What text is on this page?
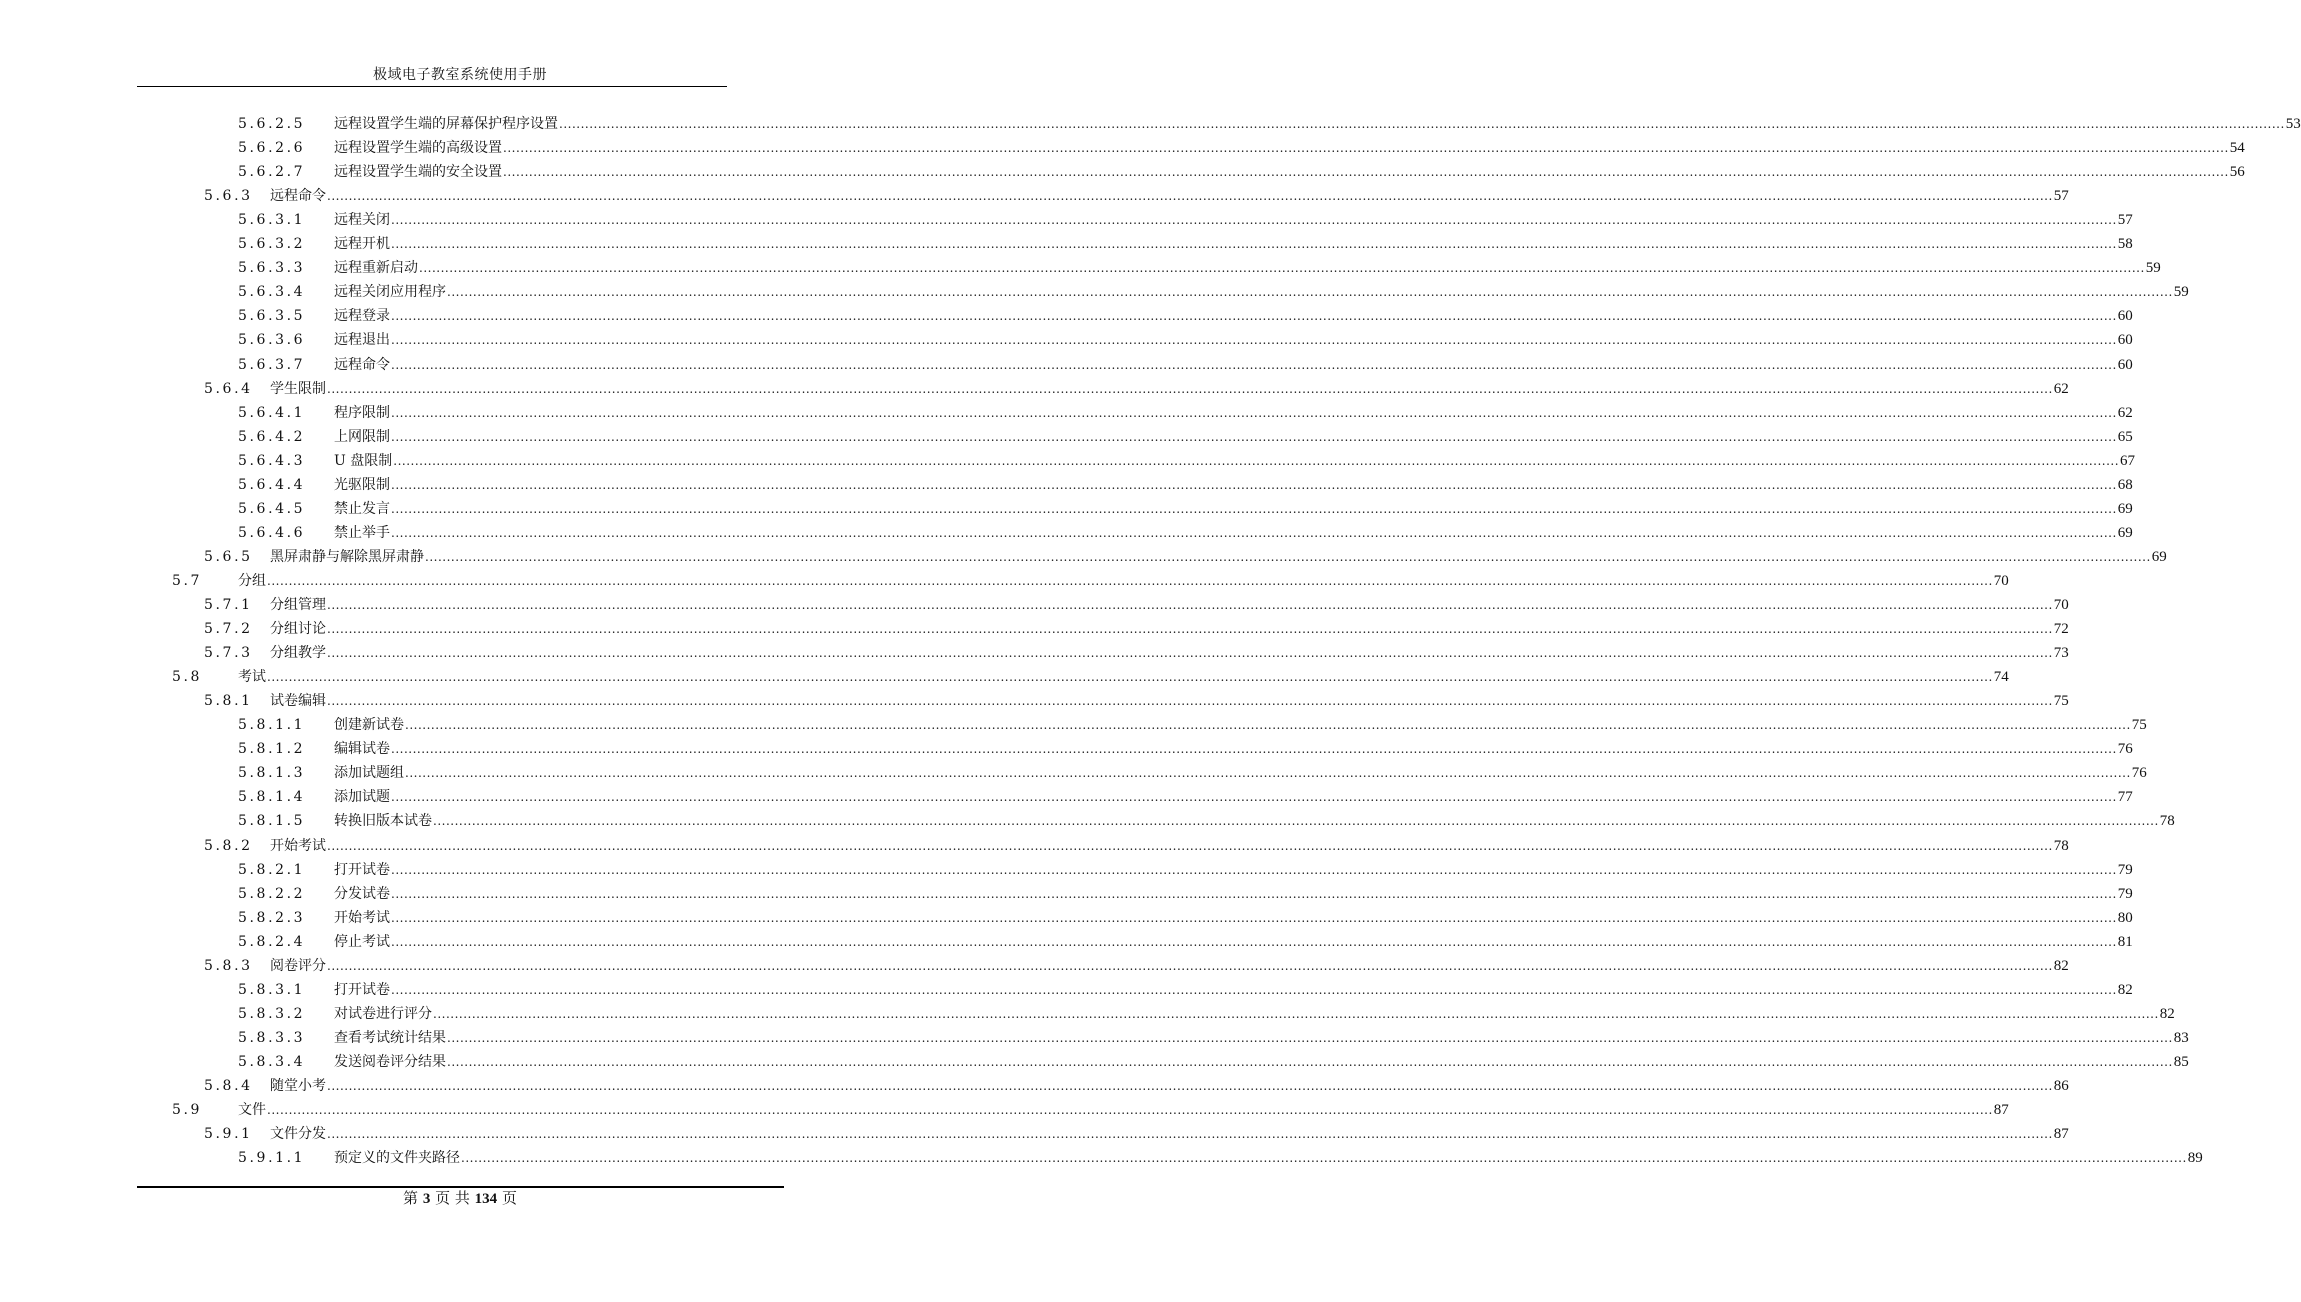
极域电子教室系统使用手册
5.6.2.5 远程设置学生端的屏幕保护程序设置 ................................................................................................................................................................................................................................................................................................................................................................................................................ 53
5.6.2.6 远程设置学生端的高级设置 ................................................................................................................................................................................................................................................................................................................................................................................................................ 54
5.6.2.7 远程设置学生端的安全设置 ................................................................................................................................................................................................................................................................................................................................................................................................................ 56
5.6.3 远程命令 ................................................................................................................................................................................................................................................................................................................................................................................................................ 57
5.6.3.1 远程关闭 ................................................................................................................................................................................................................................................................................................................................................................................................................ 57
5.6.3.2 远程开机 ................................................................................................................................................................................................................................................................................................................................................................................................................ 58
5.6.3.3 远程重新启动 ................................................................................................................................................................................................................................................................................................................................................................................................................ 59
5.6.3.4 远程关闭应用程序 ................................................................................................................................................................................................................................................................................................................................................................................................................ 59
5.6.3.5 远程登录 ................................................................................................................................................................................................................................................................................................................................................................................................................ 60
5.6.3.6 远程退出 ................................................................................................................................................................................................................................................................................................................................................................................................................ 60
5.6.3.7 远程命令 ................................................................................................................................................................................................................................................................................................................................................................................................................ 60
5.6.4 学生限制 ................................................................................................................................................................................................................................................................................................................................................................................................................ 62
5.6.4.1 程序限制 ................................................................................................................................................................................................................................................................................................................................................................................................................ 62
5.6.4.2 上网限制 ................................................................................................................................................................................................................................................................................................................................................................................................................ 65
5.6.4.3 U 盘限制 ................................................................................................................................................................................................................................................................................................................................................................................................................ 67
5.6.4.4 光驱限制 ................................................................................................................................................................................................................................................................................................................................................................................................................ 68
5.6.4.5 禁止发言 ................................................................................................................................................................................................................................................................................................................................................................................................................ 69
5.6.4.6 禁止举手 ................................................................................................................................................................................................................................................................................................................................................................................................................ 69
5.6.5 黑屏肃静与解除黑屏肃静 ................................................................................................................................................................................................................................................................................................................................................................................................................ 69
5.7	分组 ................................................................................................................................................................................................................................................................................................................................................................................................................ 70
5.7.1 分组管理 ................................................................................................................................................................................................................................................................................................................................................................................................................ 70
5.7.2 分组讨论 ................................................................................................................................................................................................................................................................................................................................................................................................................ 72
5.7.3 分组教学 ................................................................................................................................................................................................................................................................................................................................................................................................................ 73
5.8	考试 ................................................................................................................................................................................................................................................................................................................................................................................................................ 74
5.8.1 试卷编辑 ................................................................................................................................................................................................................................................................................................................................................................................................................ 75
5.8.1.1 创建新试卷 ................................................................................................................................................................................................................................................................................................................................................................................................................ 75
5.8.1.2 编辑试卷 ................................................................................................................................................................................................................................................................................................................................................................................................................ 76
5.8.1.3 添加试题组 ................................................................................................................................................................................................................................................................................................................................................................................................................ 76
5.8.1.4 添加试题 ................................................................................................................................................................................................................................................................................................................................................................................................................ 77
5.8.1.5 转换旧版本试卷 ................................................................................................................................................................................................................................................................................................................................................................................................................ 78
5.8.2 开始考试 ................................................................................................................................................................................................................................................................................................................................................................................................................ 78
5.8.2.1 打开试卷 ................................................................................................................................................................................................................................................................................................................................................................................................................ 79
5.8.2.2 分发试卷 ................................................................................................................................................................................................................................................................................................................................................................................................................ 79
5.8.2.3 开始考试 ................................................................................................................................................................................................................................................................................................................................................................................................................ 80
5.8.2.4 停止考试 ................................................................................................................................................................................................................................................................................................................................................................................................................ 81
5.8.3 阅卷评分 ................................................................................................................................................................................................................................................................................................................................................................................................................ 82
5.8.3.1 打开试卷 ................................................................................................................................................................................................................................................................................................................................................................................................................ 82
5.8.3.2 对试卷进行评分 ................................................................................................................................................................................................................................................................................................................................................................................................................ 82
5.8.3.3 查看考试统计结果 ................................................................................................................................................................................................................................................................................................................................................................................................................ 83
5.8.3.4 发送阅卷评分结果 ................................................................................................................................................................................................................................................................................................................................................................................................................ 85
5.8.4 随堂小考 ................................................................................................................................................................................................................................................................................................................................................................................................................ 86
5.9	文件 ................................................................................................................................................................................................................................................................................................................................................................................................................ 87
5.9.1 文件分发 ................................................................................................................................................................................................................................................................................................................................................................................................................ 87
5.9.1.1 预定义的文件夹路径 ................................................................................................................................................................................................................................................................................................................................................................................................................ 89
第 3 页 共 134 页
